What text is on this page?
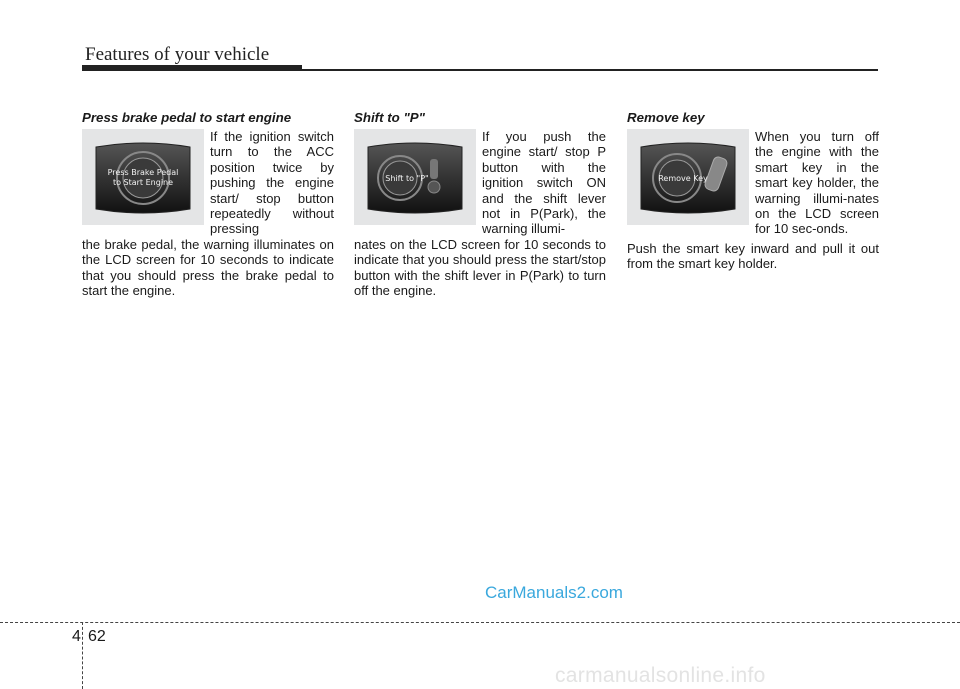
Features of your vehicle
Press brake pedal to start engine
Press Brake Pedal
to Start Engine
If the ignition switch turn to the ACC position twice by pushing the engine start/ stop button repeatedly without pressing

the brake pedal, the warning illuminates on the LCD screen for 10 seconds to indicate that you should press the brake pedal to start the engine.

Shift to "P"
Shift to "P"
If you push the engine start/ stop P button with the ignition switch ON and the shift lever not in P(Park), the warning illumi-

nates on the LCD screen for 10 seconds to indicate that you should press the start/stop button with the shift lever in P(Park) to turn off the engine.

Remove key
Remove Key
When you turn off the engine with the smart key in the smart key holder, the warning illumi-nates on the LCD screen for 10 sec-onds.

Push the smart key inward and pull it out from the smart key holder.

CarManuals2.com
4 62
carmanualsonline.info
